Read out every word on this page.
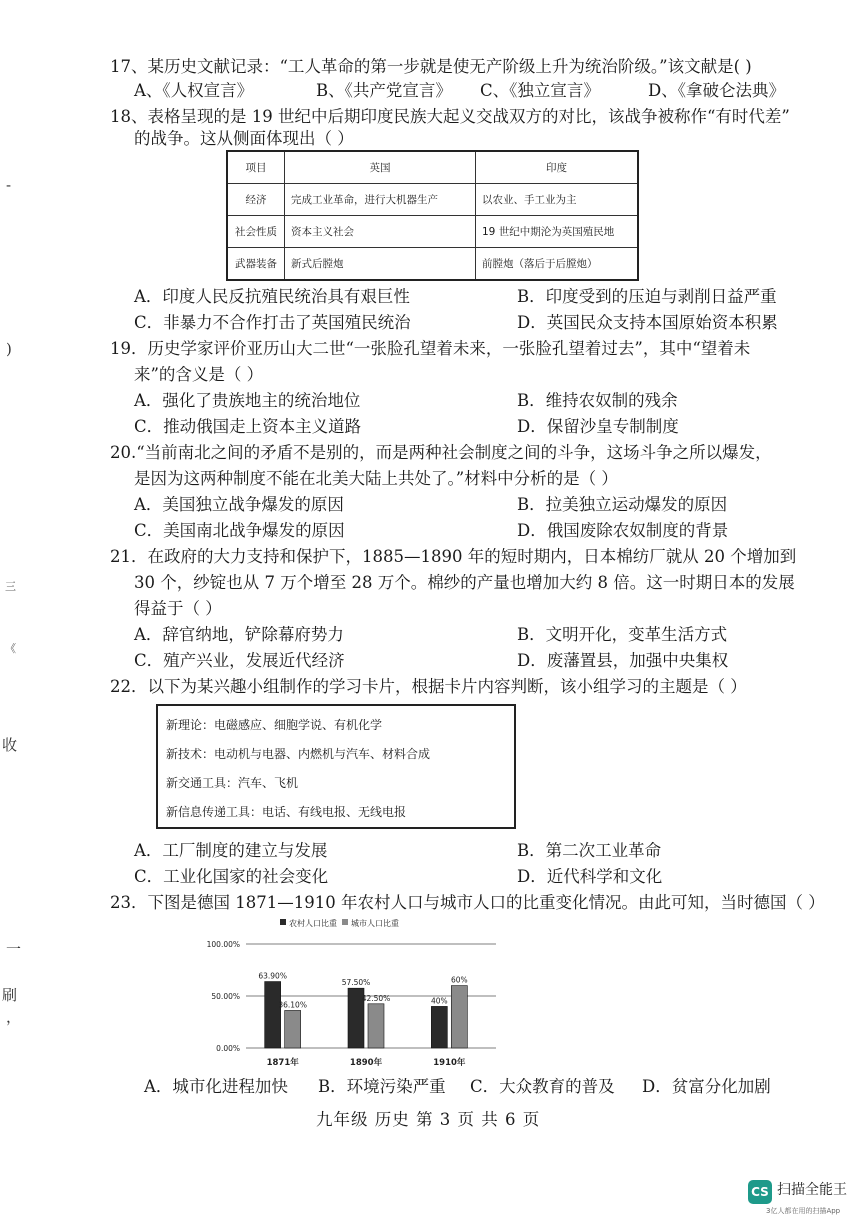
-
)
三
《
收
一
刷
，
17、某历史文献记录：“工人革命的第一步就是使无产阶级上升为统治阶级。”该文献是( )
A、《人权宣言》	B、《共产党宣言》 C、《独立宣言》	D、《拿破仑法典》
18、表格呈现的是 19 世纪中后期印度民族大起义交战双方的对比，该战争被称作“有时代差”
的战争。这从侧面体现出（ ）
项目	英国	印度
经济	完成工业革命，进行大机器生产	以农业、手工业为主
社会性质	资本主义社会	19 世纪中期沦为英国殖民地
武器装备	新式后膛炮	前膛炮（落后于后膛炮）
A．印度人民反抗殖民统治具有艰巨性	B．印度受到的压迫与剥削日益严重
C．非暴力不合作打击了英国殖民统治	D．英国民众支持本国原始资本积累
19．历史学家评价亚历山大二世“一张脸孔望着未来，一张脸孔望着过去”，其中“望着未
来”的含义是（ ）
A．强化了贵族地主的统治地位	B．维持农奴制的残余
C．推动俄国走上资本主义道路	D．保留沙皇专制制度
20.“当前南北之间的矛盾不是别的，而是两种社会制度之间的斗争，这场斗争之所以爆发，
是因为这两种制度不能在北美大陆上共处了。”材料中分析的是（ ）
A．美国独立战争爆发的原因	B．拉美独立运动爆发的原因
C．美国南北战争爆发的原因	D．俄国废除农奴制度的背景
21．在政府的大力支持和保护下，1885—1890 年的短时期内，日本棉纺厂就从 20 个增加到
30 个，纱锭也从 7 万个增至 28 万个。棉纱的产量也增加大约 8 倍。这一时期日本的发展
得益于（ ）
A．辞官纳地，铲除幕府势力	B．文明开化，变革生活方式
C．殖产兴业，发展近代经济	D．废藩置县，加强中央集权
22．以下为某兴趣小组制作的学习卡片，根据卡片内容判断，该小组学习的主题是（ ）
新理论：电磁感应、细胞学说、有机化学
新技术：电动机与电器、内燃机与汽车、材料合成
新交通工具：汽车、飞机
新信息传递工具：电话、有线电报、无线电报
A．工厂制度的建立与发展	B．第二次工业革命
C．工业化国家的社会变化	D．近代科学和文化
23．下图是德国 1871—1910 年农村人口与城市人口的比重变化情况。由此可知，当时德国（ ）
农村人口比重 城市人口比重
0.00%
50.00%
100.00%
63.90%
36.10%
57.50%
42.50%	40%
60%
1871年	1890年	1910年
A．城市化进程加快 B．环境污染严重 C．大众教育的普及 D．贫富分化加剧
九年级 历史 第 3 页 共 6 页
CS 扫描全能王
3亿人都在用的扫描App
